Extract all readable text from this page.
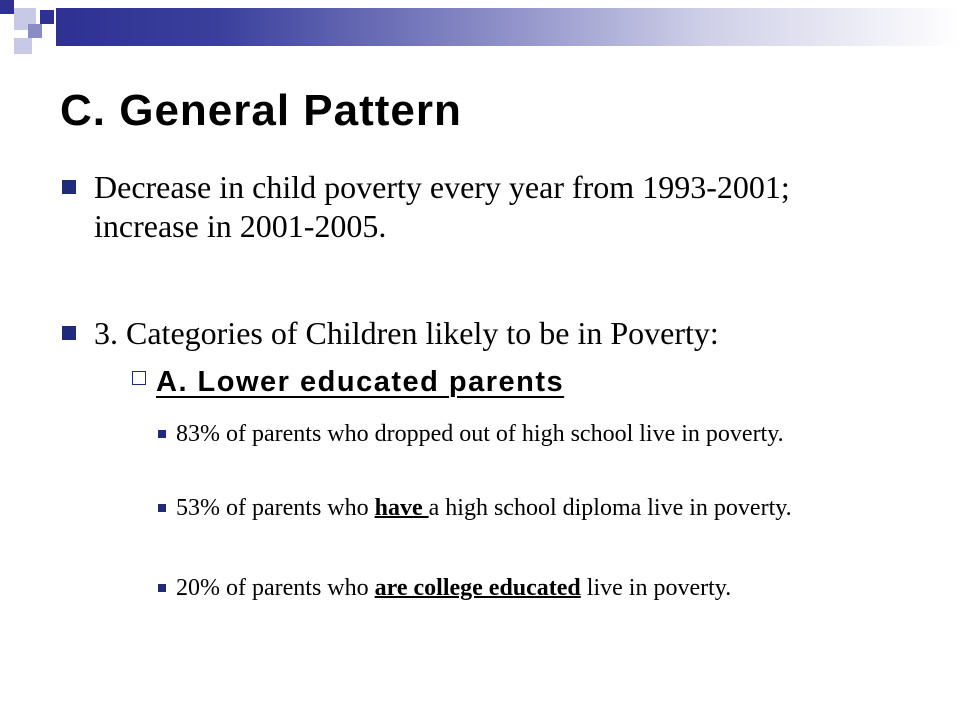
C. General Pattern
Decrease in child poverty every year from 1993-2001; increase in 2001-2005.
3. Categories of Children likely to be in Poverty:
A. Lower educated parents
83% of parents who dropped out of high school live in poverty.
53% of parents who have a high school diploma live in poverty.
20% of parents who are college educated live in poverty.
